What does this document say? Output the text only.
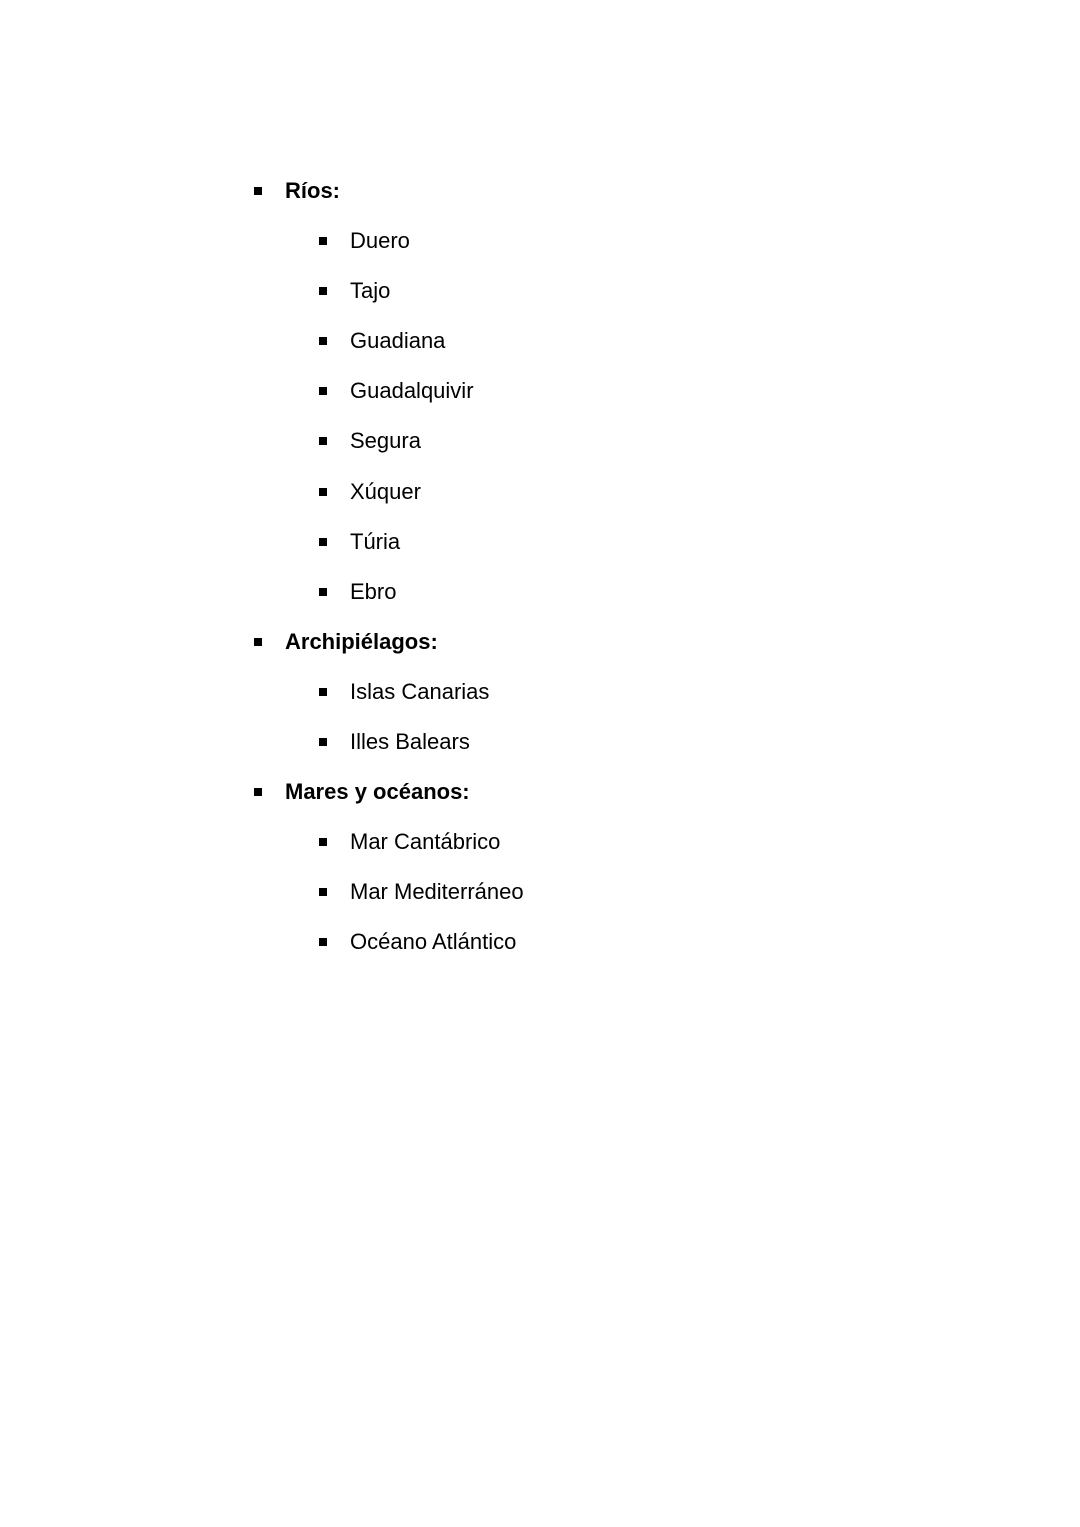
Ríos:
Duero
Tajo
Guadiana
Guadalquivir
Segura
Xúquer
Túria
Ebro
Archipiélagos:
Islas Canarias
Illes Balears
Mares y océanos:
Mar Cantábrico
Mar Mediterráneo
Océano Atlántico
